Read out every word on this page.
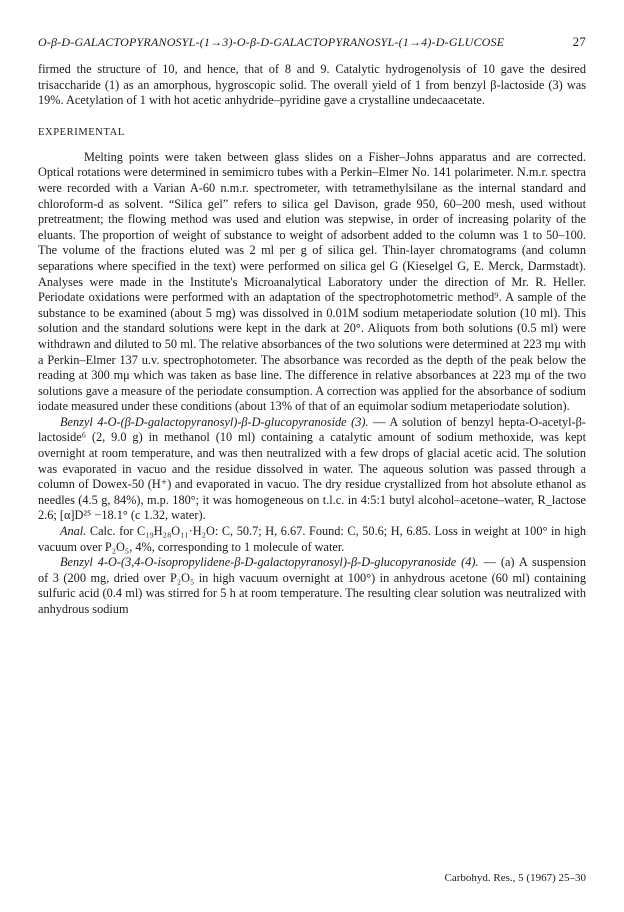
O-β-D-GALACTOPYRANOSYL-(1→3)-O-β-D-GALACTOPYRANOSYL-(1→4)-D-GLUCOSE	27

firmed the structure of 10, and hence, that of 8 and 9. Catalytic hydrogenolysis of 10 gave the desired trisaccharide (1) as an amorphous, hygroscopic solid. The overall yield of 1 from benzyl β-lactoside (3) was 19%. Acetylation of 1 with hot acetic anhydride–pyridine gave a crystalline undecaacetate.

EXPERIMENTAL

Melting points were taken between glass slides on a Fisher–Johns apparatus and are corrected. Optical rotations were determined in semimicro tubes with a Perkin–Elmer No. 141 polarimeter. N.m.r. spectra were recorded with a Varian A-60 n.m.r. spectrometer, with tetramethylsilane as the internal standard and chloroform-d as solvent. “Silica gel” refers to silica gel Davison, grade 950, 60–200 mesh, used without pretreatment; the flowing method was used and elution was stepwise, in order of increasing polarity of the eluants. The proportion of weight of substance to weight of adsorbent added to the column was 1 to 50–100. The volume of the fractions eluted was 2 ml per g of silica gel. Thin-layer chromatograms (and column separations where specified in the text) were performed on silica gel G (Kieselgel G, E. Merck, Darmstadt). Analyses were made in the Institute's Microanalytical Laboratory under the direction of Mr. R. Heller. Periodate oxidations were performed with an adaptation of the spectrophotometric method⁹. A sample of the substance to be examined (about 5 mg) was dissolved in 0.01M sodium metaperiodate solution (10 ml). This solution and the standard solutions were kept in the dark at 20°. Aliquots from both solutions (0.5 ml) were withdrawn and diluted to 50 ml. The relative absorbances of the two solutions were determined at 223 mμ with a Perkin–Elmer 137 u.v. spectrophotometer. The absorbance was recorded as the depth of the peak below the reading at 300 mμ which was taken as base line. The difference in relative absorbances at 223 mμ of the two solutions gave a measure of the periodate consumption. A correction was applied for the absorbance of sodium iodate measured under these conditions (about 13% of that of an equimolar sodium metaperiodate solution).

Benzyl 4-O-(β-D-galactopyranosyl)-β-D-glucopyranoside (3). — A solution of benzyl hepta-O-acetyl-β-lactoside⁶ (2, 9.0 g) in methanol (10 ml) containing a catalytic amount of sodium methoxide, was kept overnight at room temperature, and was then neutralized with a few drops of glacial acetic acid. The solution was evaporated in vacuo and the residue dissolved in water. The aqueous solution was passed through a column of Dowex-50 (H⁺) and evaporated in vacuo. The dry residue crystallized from hot absolute ethanol as needles (4.5 g, 84%), m.p. 180°; it was homogeneous on t.l.c. in 4:5:1 butyl alcohol–acetone–water, R_lactose 2.6; [α]D²⁵ −18.1° (c 1.32, water).

Anal. Calc. for C₁₉H₂₈O₁₁·H₂O: C, 50.7; H, 6.67. Found: C, 50.6; H, 6.85. Loss in weight at 100° in high vacuum over P₂O₅, 4%, corresponding to 1 molecule of water.

Benzyl 4-O-(3,4-O-isopropylidene-β-D-galactopyranosyl)-β-D-glucopyranoside (4). — (a) A suspension of 3 (200 mg, dried over P₂O₅ in high vacuum overnight at 100°) in anhydrous acetone (60 ml) containing sulfuric acid (0.4 ml) was stirred for 5 h at room temperature. The resulting clear solution was neutralized with anhydrous sodium

Carbohyd. Res., 5 (1967) 25–30
